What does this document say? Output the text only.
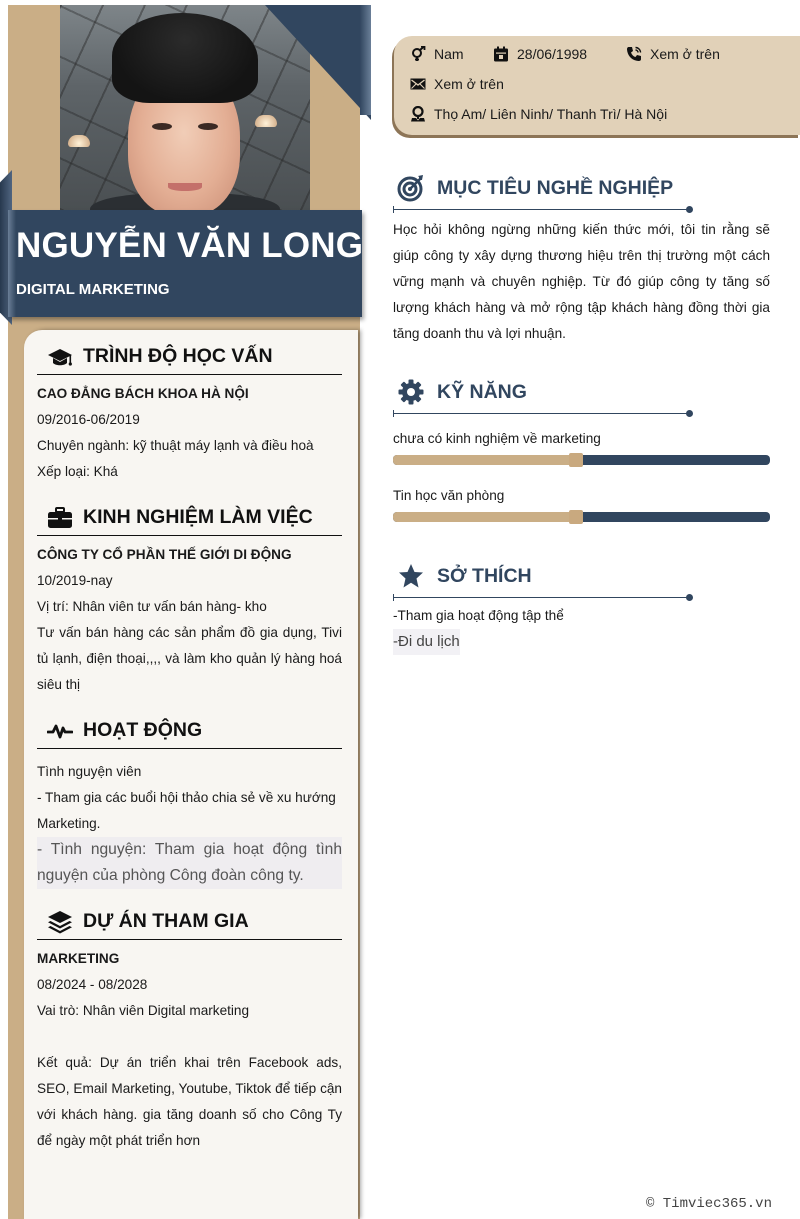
NGUYỄN VĂN LONG
DIGITAL MARKETING
TRÌNH ĐỘ HỌC VẤN
CAO ĐẲNG BÁCH KHOA HÀ NỘI
09/2016-06/2019
Chuyên ngành: kỹ thuật máy lạnh và điều hoà
Xếp loại: Khá
KINH NGHIỆM LÀM VIỆC
CÔNG TY CỔ PHẦN THẾ GIỚI DI ĐỘNG
10/2019-nay
Vị trí: Nhân viên tư vấn bán hàng- kho
Tư vấn bán hàng các sản phẩm đồ gia dụng, Tivi tủ lạnh, điện thoại,,,, và làm kho quản lý hàng hoá siêu thị
HOẠT ĐỘNG
Tình nguyện viên
- Tham gia các buổi hội thảo chia sẻ về xu hướng Marketing.
- Tình nguyện: Tham gia hoạt động tình nguyện của phòng Công đoàn công ty.
DỰ ÁN THAM GIA
MARKETING
08/2024 - 08/2028
Vai trò: Nhân viên Digital marketing
Kết quả: Dự án triển khai trên Facebook ads, SEO, Email Marketing, Youtube, Tiktok để tiếp cận với khách hàng. gia tăng doanh số cho Công Ty để ngày một phát triển hơn
Nam	28/06/1998	Xem ở trên
Xem ở trên
Thọ Am/ Liên Ninh/ Thanh Trì/ Hà Nội
MỤC TIÊU NGHỀ NGHIỆP
Học hỏi không ngừng những kiến thức mới, tôi tin rằng sẽ giúp công ty xây dựng thương hiệu trên thị trường một cách vững mạnh và chuyên nghiệp. Từ đó giúp công ty tăng số lượng khách hàng và mở rộng tập khách hàng đồng thời gia tăng doanh thu và lợi nhuận.
KỸ NĂNG
chưa có kinh nghiệm về marketing
Tin học văn phòng
SỞ THÍCH
-Tham gia hoạt động tập thể
-Đi du lịch
© Timviec365.vn
